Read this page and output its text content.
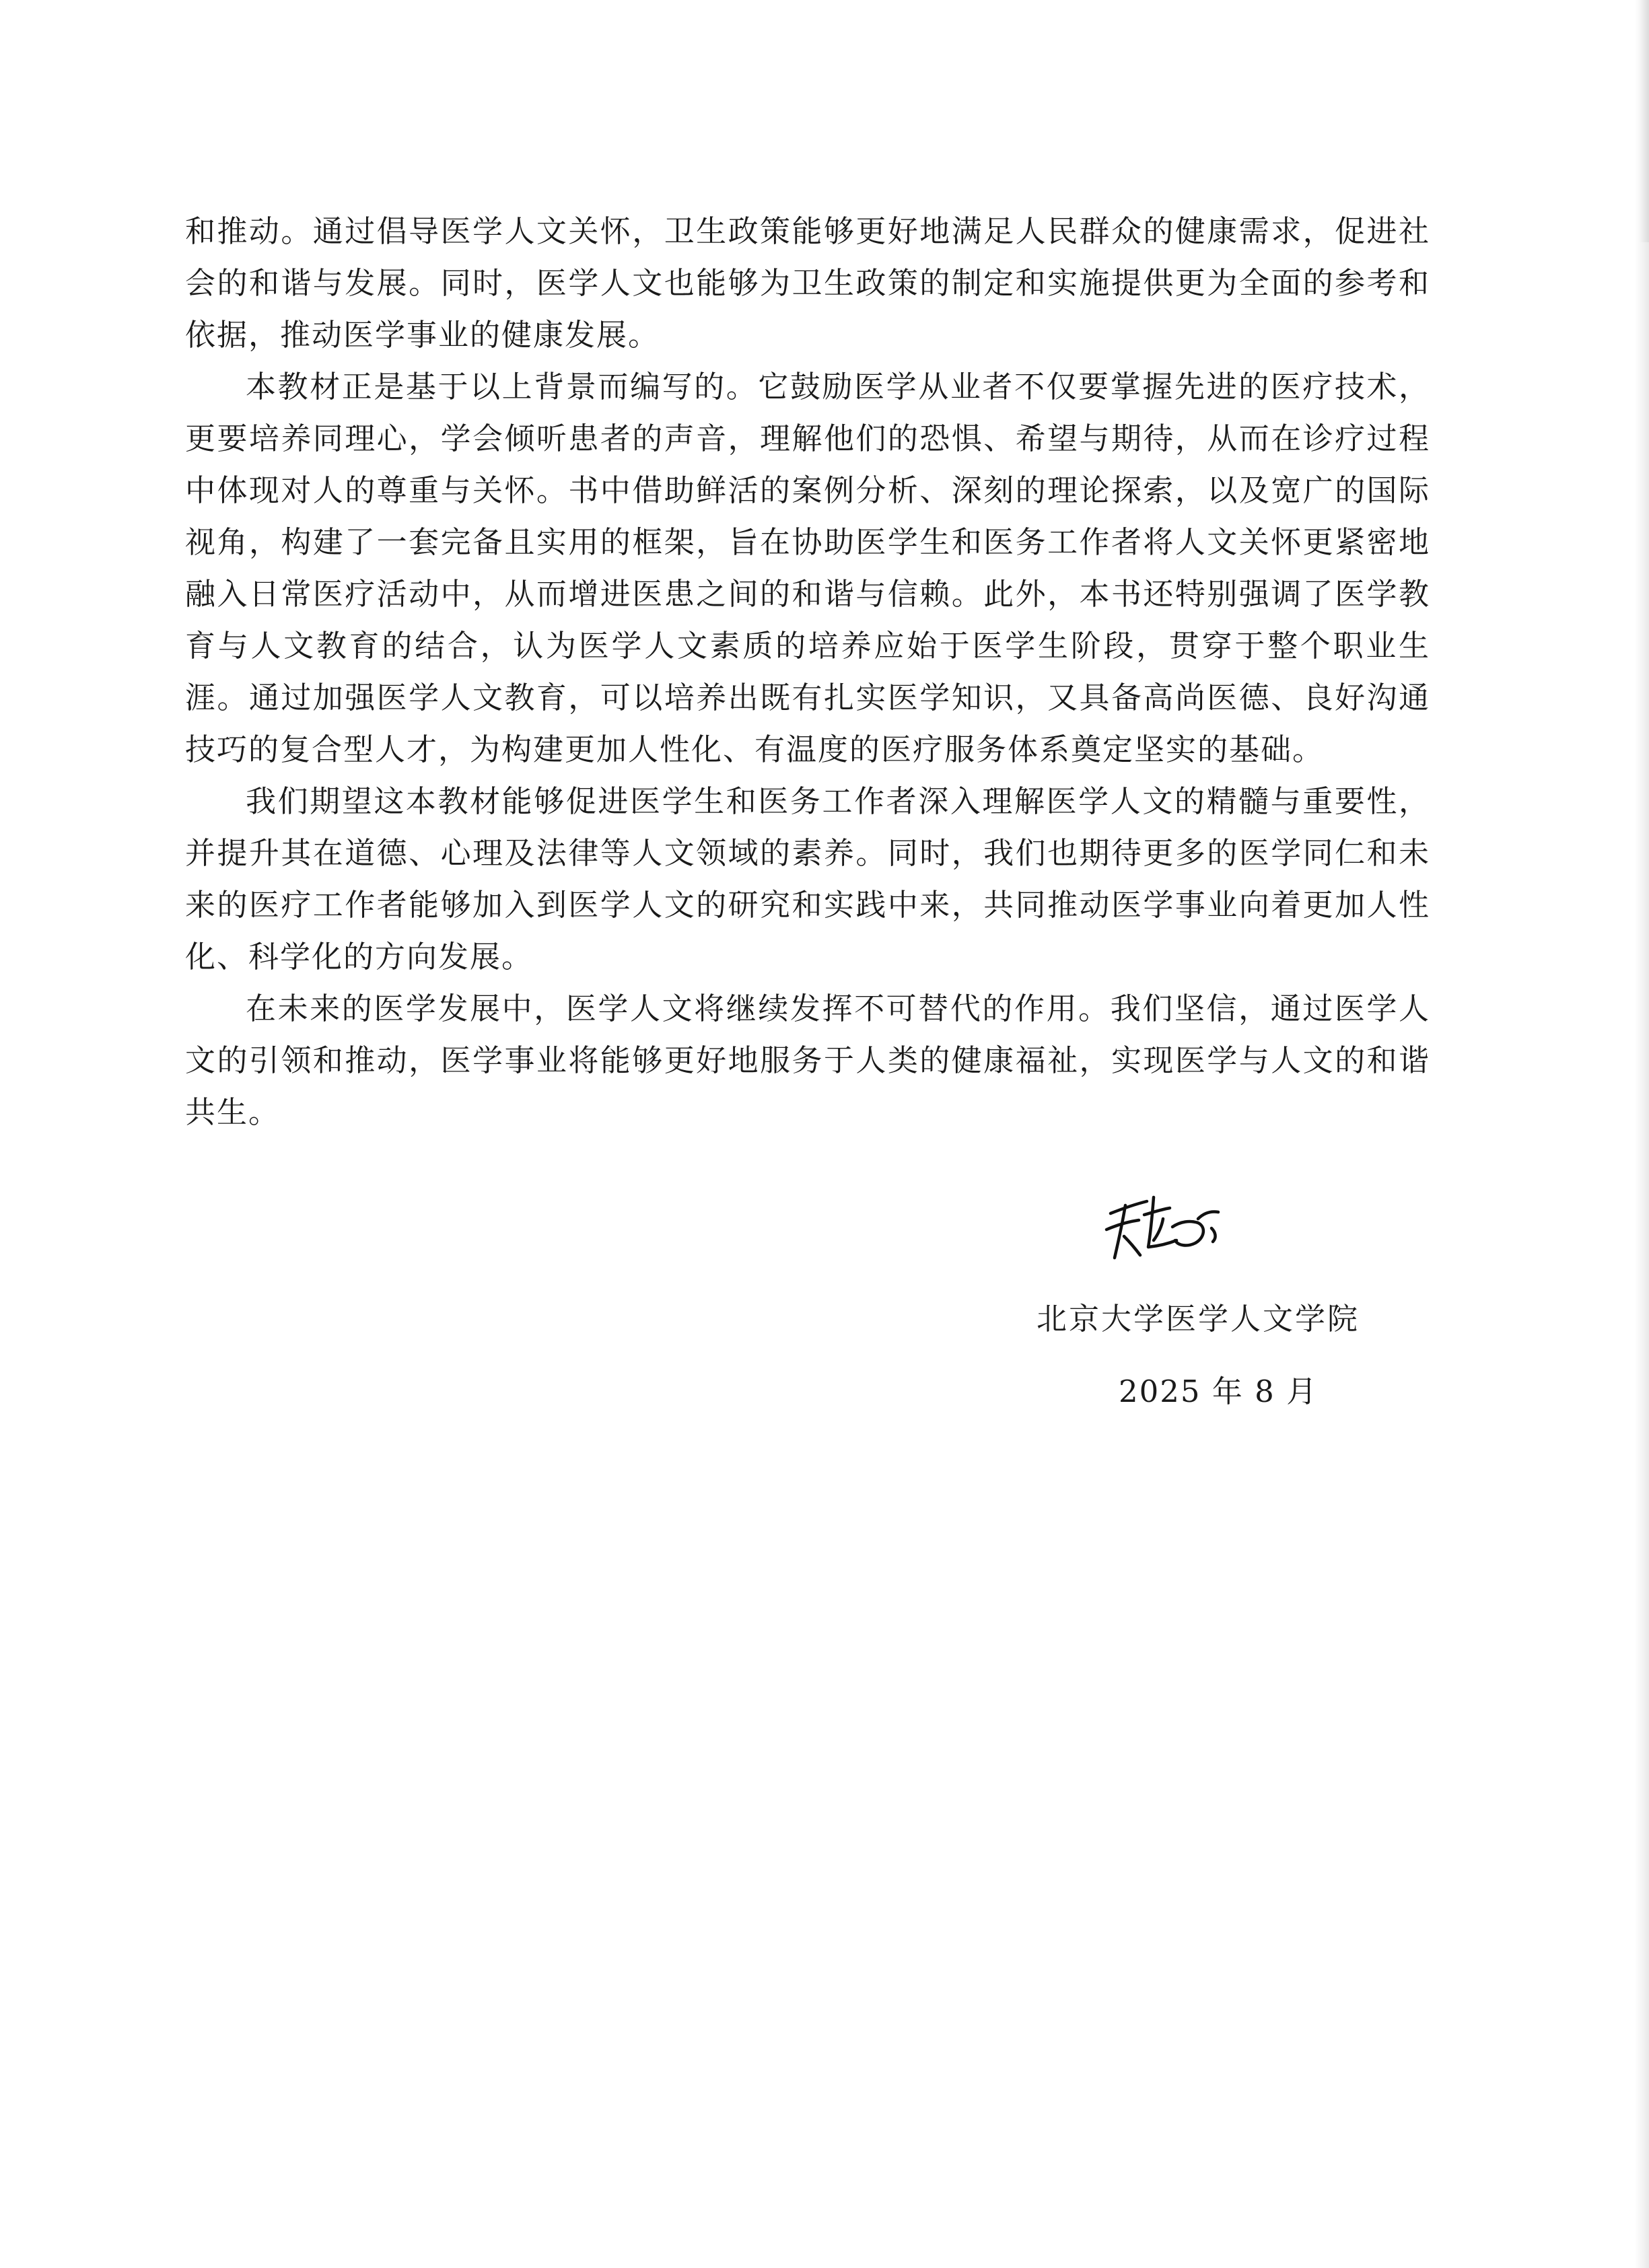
和推动。通过倡导医学人文关怀，卫生政策能够更好地满足人民群众的健康需求，促进社会的和谐与发展。同时，医学人文也能够为卫生政策的制定和实施提供更为全面的参考和依据，推动医学事业的健康发展。

本教材正是基于以上背景而编写的。它鼓励医学从业者不仅要掌握先进的医疗技术，更要培养同理心，学会倾听患者的声音，理解他们的恐惧、希望与期待，从而在诊疗过程中体现对人的尊重与关怀。书中借助鲜活的案例分析、深刻的理论探索，以及宽广的国际视角，构建了一套完备且实用的框架，旨在协助医学生和医务工作者将人文关怀更紧密地融入日常医疗活动中，从而增进医患之间的和谐与信赖。此外，本书还特别强调了医学教育与人文教育的结合，认为医学人文素质的培养应始于医学生阶段，贯穿于整个职业生涯。通过加强医学人文教育，可以培养出既有扎实医学知识，又具备高尚医德、良好沟通技巧的复合型人才，为构建更加人性化、有温度的医疗服务体系奠定坚实的基础。

我们期望这本教材能够促进医学生和医务工作者深入理解医学人文的精髓与重要性，并提升其在道德、心理及法律等人文领域的素养。同时，我们也期待更多的医学同仁和未来的医疗工作者能够加入到医学人文的研究和实践中来，共同推动医学事业向着更加人性化、科学化的方向发展。

在未来的医学发展中，医学人文将继续发挥不可替代的作用。我们坚信，通过医学人文的引领和推动，医学事业将能够更好地服务于人类的健康福祉，实现医学与人文的和谐共生。

北京大学医学人文学院
2025 年 8 月
